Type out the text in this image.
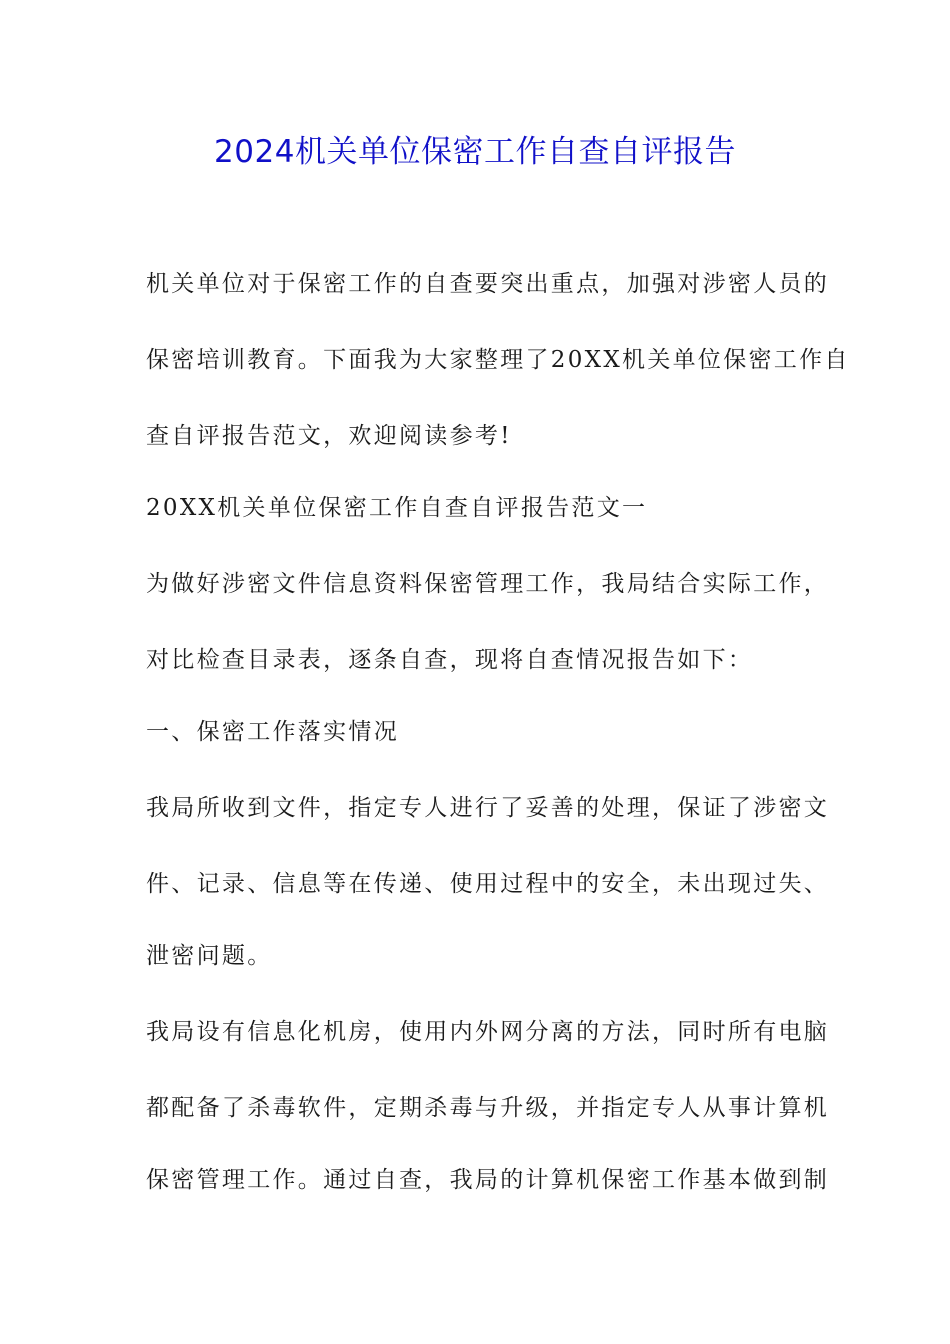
2024机关单位保密工作自查自评报告
机关单位对于保密工作的自查要突出重点，加强对涉密人员的
保密培训教育。下面我为大家整理了20XX机关单位保密工作自
查自评报告范文，欢迎阅读参考!
20XX机关单位保密工作自查自评报告范文一
为做好涉密文件信息资料保密管理工作，我局结合实际工作，
对比检查目录表，逐条自查，现将自查情况报告如下：
一、保密工作落实情况
我局所收到文件，指定专人进行了妥善的处理，保证了涉密文
件、记录、信息等在传递、使用过程中的安全，未出现过失、
泄密问题。
我局设有信息化机房，使用内外网分离的方法，同时所有电脑
都配备了杀毒软件，定期杀毒与升级，并指定专人从事计算机
保密管理工作。通过自查，我局的计算机保密工作基本做到制
